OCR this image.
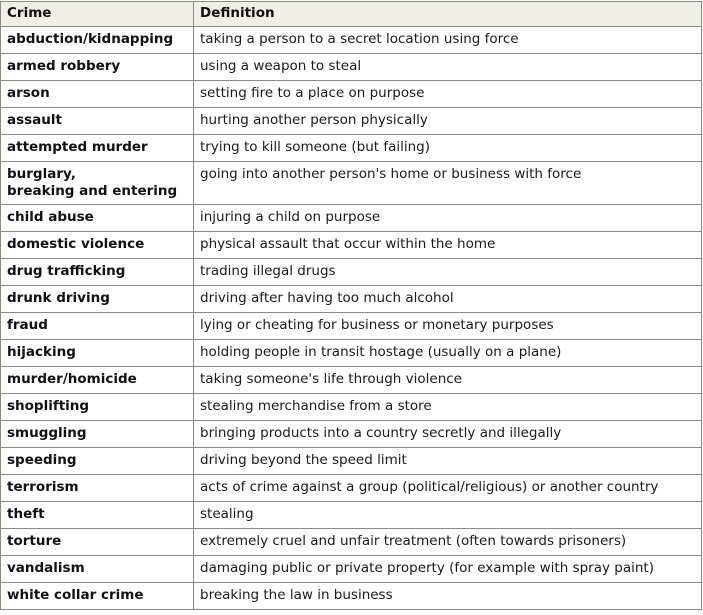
Crime	Definition
abduction/kidnapping	taking a person to a secret location using force
armed robbery	using a weapon to steal
arson	setting fire to a place on purpose
assault	hurting another person physically
attempted murder	trying to kill someone (but failing)
burglary,
breaking and entering	going into another person's home or business with force
child abuse	injuring a child on purpose
domestic violence	physical assault that occur within the home
drug trafficking	trading illegal drugs
drunk driving	driving after having too much alcohol
fraud	lying or cheating for business or monetary purposes
hijacking	holding people in transit hostage (usually on a plane)
murder/homicide	taking someone's life through violence
shoplifting	stealing merchandise from a store
smuggling	bringing products into a country secretly and illegally
speeding	driving beyond the speed limit
terrorism	acts of crime against a group (political/religious) or another country
theft	stealing
torture	extremely cruel and unfair treatment (often towards prisoners)
vandalism	damaging public or private property (for example with spray paint)
white collar crime	breaking the law in business
